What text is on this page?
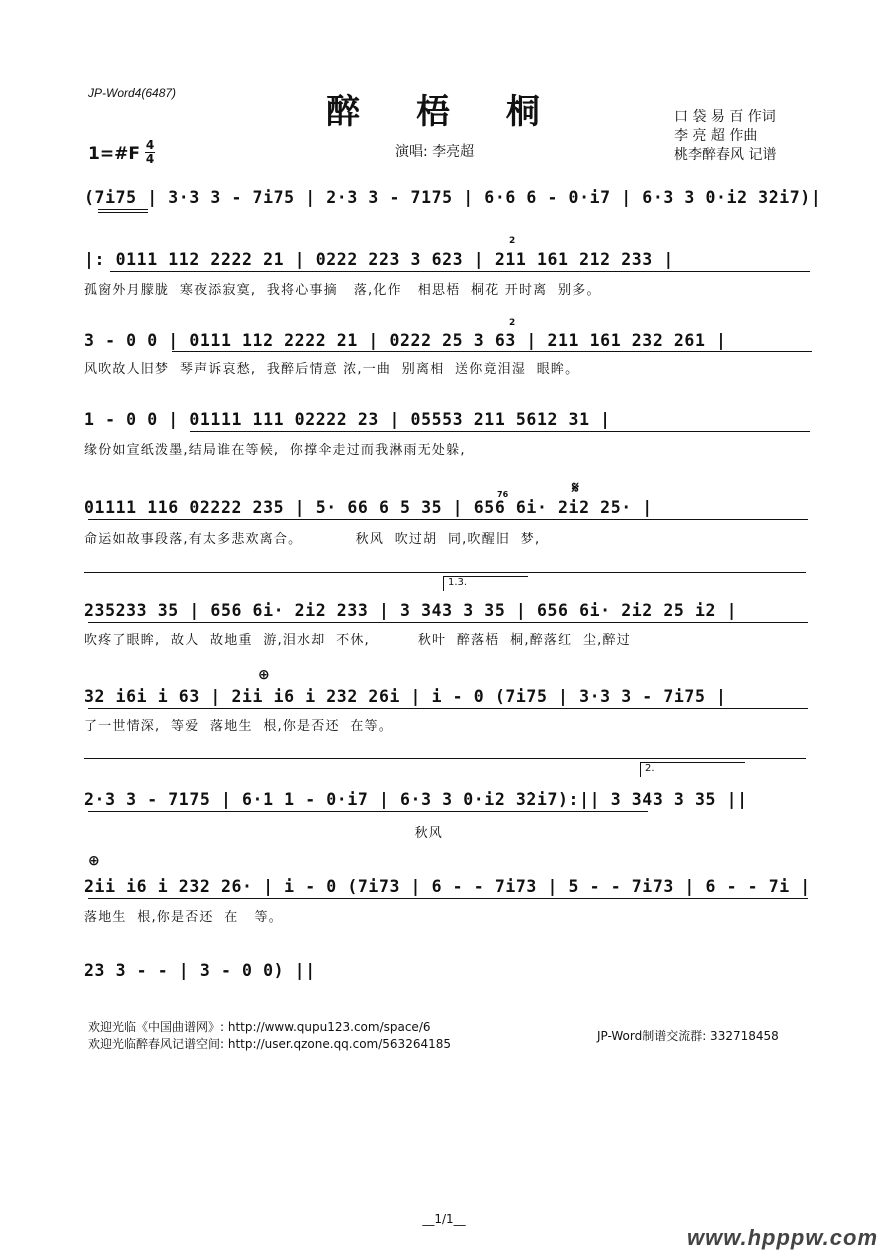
JP-Word4(6487)	醉 梧 桐	口 袋 易 百 作词
李 亮 超 作曲
桃李醉春风 记谱
演唱: 李亮超
1=#F 4
4
(7i75 | 3·3 3 - 7i75 | 2·3 3 - 7175 | 6·6 6 - 0·i7 | 6·3 3 0·i2 3̇2i7)|
|: 0111 112 2222 21 | 0222 223 3 623 | 211 161 212 233 |
孤窗外月朦胧  寒夜添寂寞,  我将心事摘   落,化作   相思梧  桐花 开时离  别多。
3 - 0 0 | 0111 112 2222 21 | 0222 25 3 63 | 211 161 232 261 |
风吹故人旧梦  琴声诉哀愁,  我醉后情意 浓,一曲  别离相  送你竟泪湿  眼眸。
1 - 0 0 | 01111 111 02222 23 | 05553 211 5612 31 |
缘份如宣纸泼墨,结局谁在等候,  你撑伞走过而我淋雨无处躲,
01111 116 02222 235 | 5· 66 6 5 35 | 656 6i· 2i2 25· |
命运如故事段落,有太多悲欢离合。          秋风  吹过胡  同,吹醒旧  梦,
235233 35 | 656 6i· 2i2 233 | 3 343 3 35 | 656 6i· 2i2 25 i2 |
吹疼了眼眸,  故人  故地重  游,泪水却  不休,         秋叶  醉落梧  桐,醉落红  尘,醉过
32 i6i i 63 | 2ii i6 i 232 26i | i - 0 (7i75 | 3·3 3 - 7i75 |
了一世情深,  等爱  落地生  根,你是否还  在等。
2·3 3 - 7175 | 6·1 1 - 0·i7 | 6·3 3 0·i2 3̇2i7):|| 3 343 3 35 ||
秋风
2ii i6 i 232 26· | i - 0 (7i73 | 6 - - 7i73 | 5 - - 7i73 | 6 - - 7i |
落地生  根,你是否还  在   等。
23 3 - - | 3 - 0 0) ||
2
2
76
1.3.
2.
𝄋
⊕
⊕
欢迎光临《中国曲谱网》: http://www.qupu123.com/space/6
欢迎光临醉春风记谱空间: http://user.qzone.qq.com/563264185
JP-Word制谱交流群: 332718458
__1/1__
www.hpppw.com
